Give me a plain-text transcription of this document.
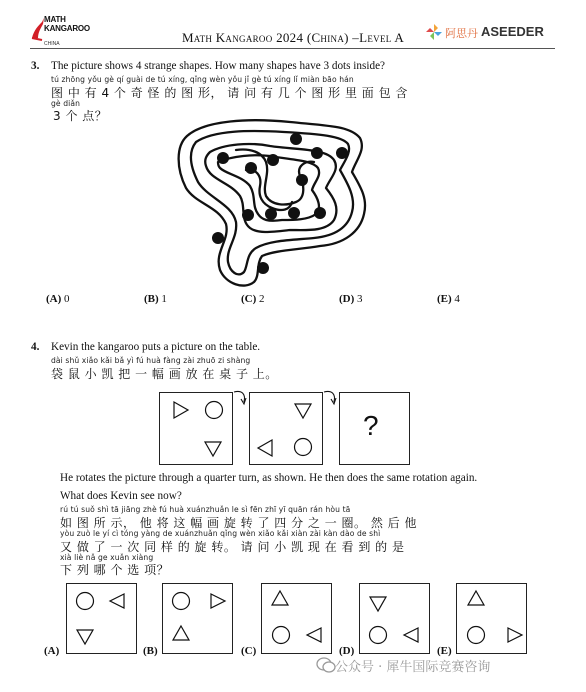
MATH
KANGAROO
CHINA	Math Kangaroo 2024 (China) –Level A	阿思丹 ASEEDER
3. The picture shows 4 strange shapes. How many shapes have 3 dots inside?
tú zhōng yǒu gè qí guài de tú xíng, qǐng wèn yǒu jǐ gè tú xíng lǐ miàn bāo hán
图 中 有 4 个 奇 怪 的 图 形， 请 问 有 几 个 图 形 里 面 包 含
gè diǎn
3 个 点？
(A) 0	(B) 1	(C) 2	(D) 3	(E) 4
4. Kevin the kangaroo puts a picture on the table.
dài shǔ xiǎo kǎi bǎ yì fú huà fàng zài zhuō zi shàng
袋 鼠 小 凯 把 一 幅 画 放 在 桌 子 上。
?
He rotates the picture through a quarter turn, as shown. He then does the same rotation again.
What does Kevin see now?
rú tú suǒ shì tā jiāng zhè fú huà xuánzhuǎn le sì fēn zhī yī quān rán hòu tā
如 图 所 示， 他 将 这 幅 画 旋 转 了 四 分 之 一 圈。 然 后 他
yòu zuò le yí cì tóng yàng de xuánzhuǎn qǐng wèn xiǎo kǎi xiàn zài kàn dào de shì
又 做 了 一 次 同 样 的 旋 转。 请 问 小 凯 现 在 看 到 的 是
xià liè nǎ ge xuǎn xiàng
下 列 哪 个 选 项？
(A)	(B)	(C)	(D)	(E)
公众号 · 犀牛国际竞赛咨询
